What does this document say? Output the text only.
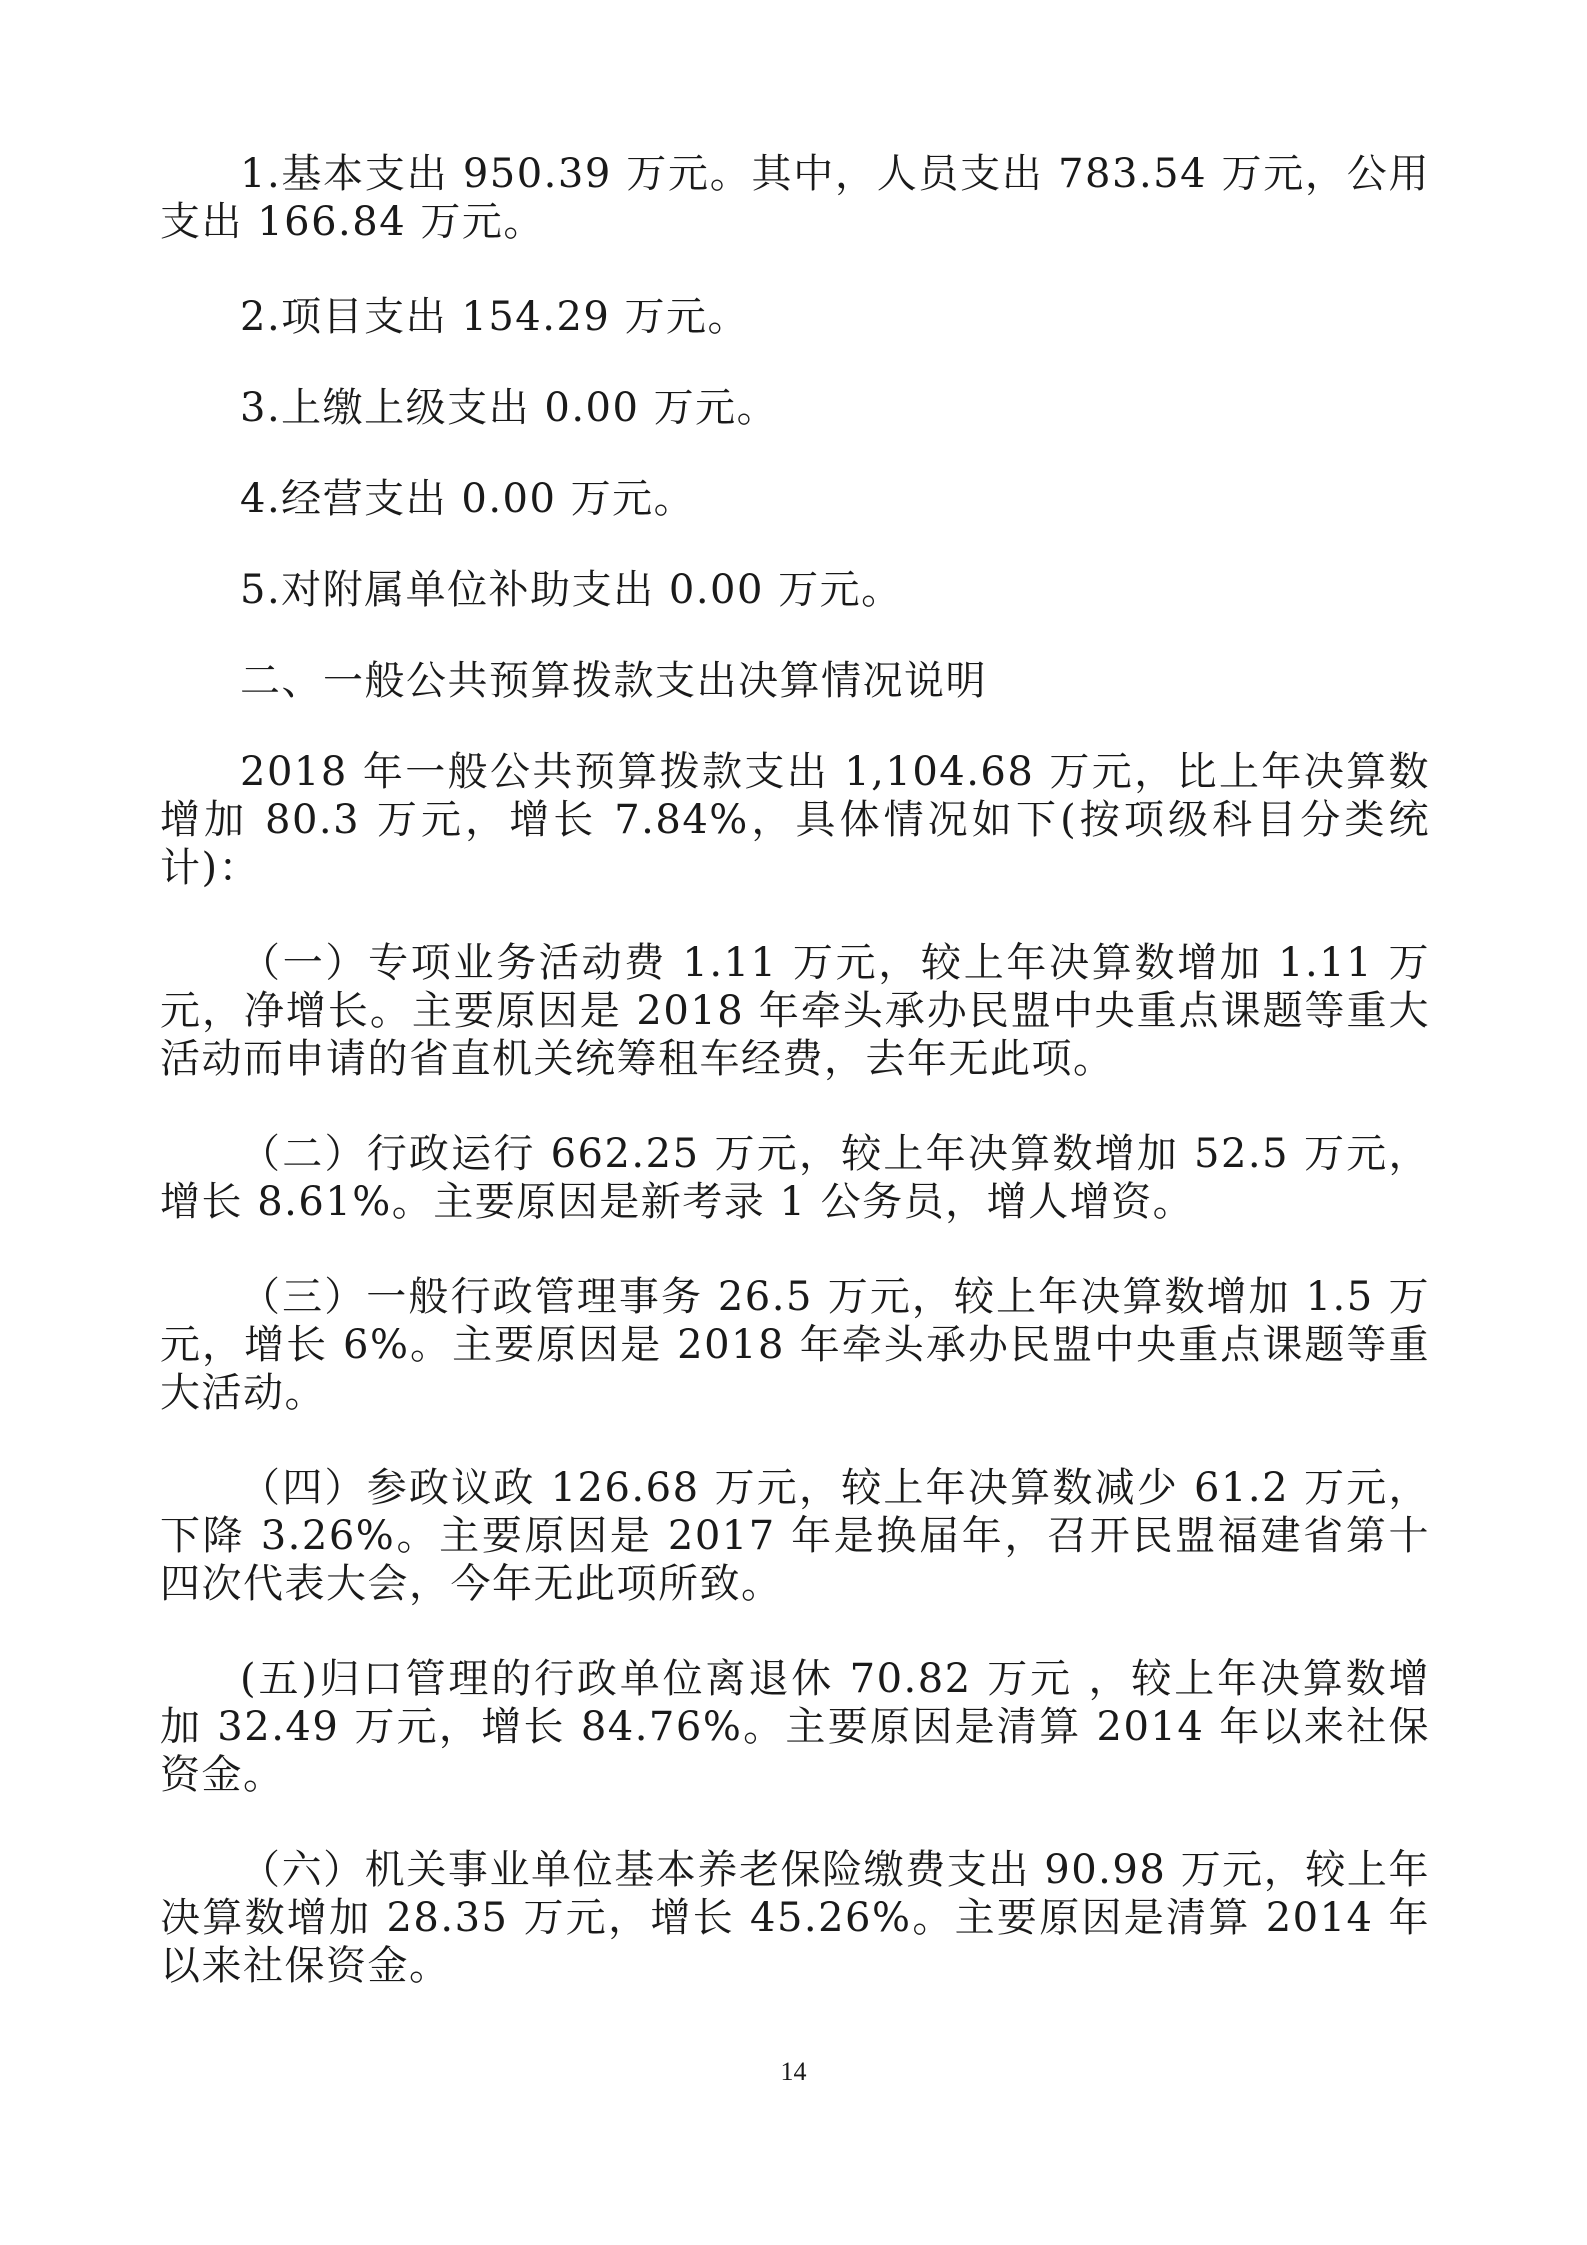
1.基本支出 950.39 万元。其中，人员支出 783.54 万元，公用支出 166.84 万元。

2.项目支出 154.29 万元。

3.上缴上级支出 0.00 万元。

4.经营支出 0.00 万元。

5.对附属单位补助支出 0.00 万元。

二、一般公共预算拨款支出决算情况说明

2018 年一般公共预算拨款支出 1,104.68 万元，比上年决算数增加 80.3 万元，增长 7.84%，具体情况如下(按项级科目分类统计)：

（一）专项业务活动费 1.11 万元，较上年决算数增加 1.11 万元，净增长。主要原因是 2018 年牵头承办民盟中央重点课题等重大活动而申请的省直机关统筹租车经费，去年无此项。

（二）行政运行 662.25 万元，较上年决算数增加 52.5 万元，增长 8.61%。主要原因是新考录 1 公务员，增人增资。

（三）一般行政管理事务 26.5 万元，较上年决算数增加 1.5 万元，增长 6%。主要原因是 2018 年牵头承办民盟中央重点课题等重大活动。

（四）参政议政 126.68 万元，较上年决算数减少 61.2 万元，下降 3.26%。主要原因是 2017 年是换届年，召开民盟福建省第十四次代表大会，今年无此项所致。

(五)归口管理的行政单位离退休 70.82 万元 ，较上年决算数增加 32.49 万元，增长 84.76%。主要原因是清算 2014 年以来社保资金。

（六）机关事业单位基本养老保险缴费支出 90.98 万元，较上年决算数增加 28.35 万元，增长 45.26%。主要原因是清算 2014 年以来社保资金。

14
